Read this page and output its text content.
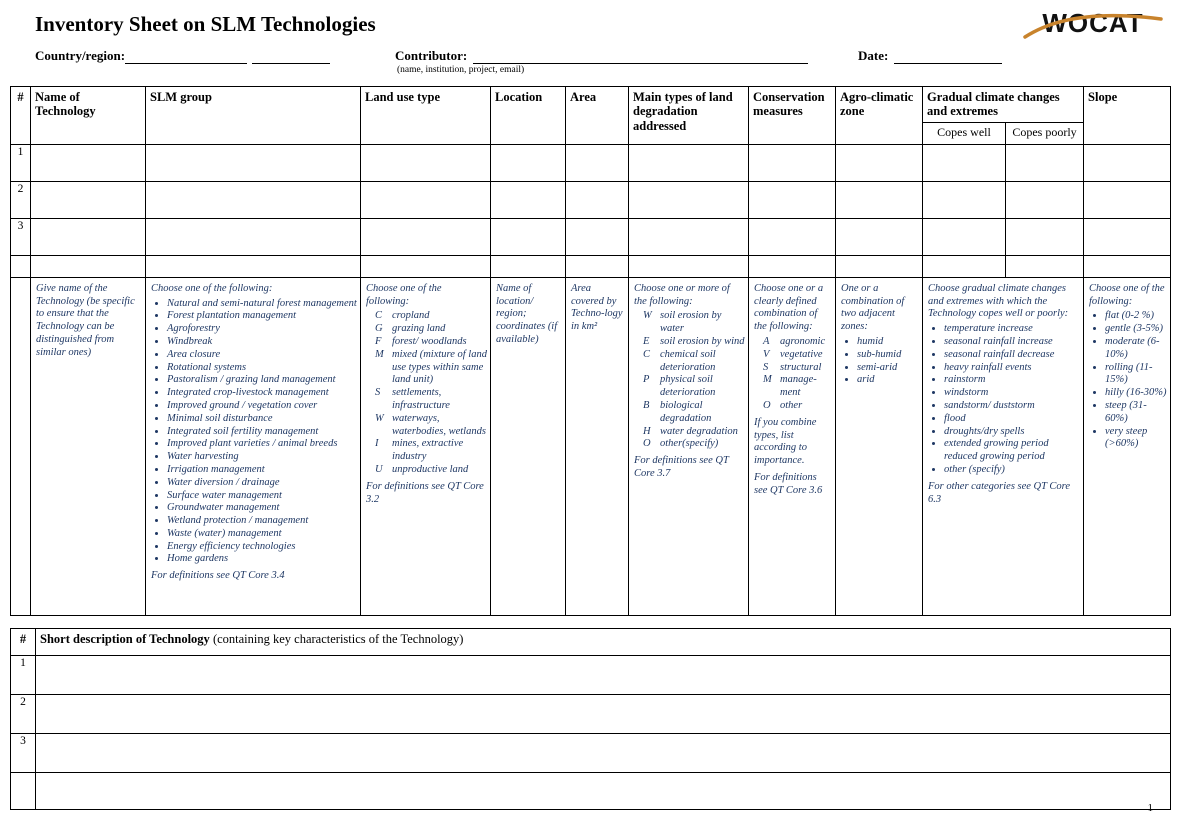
Inventory Sheet on SLM Technologies	WOCAT
Country/region:	Contributor:
(name, institution, project, email)
Date:
#	Name of Technology	SLM group	Land use type	Location	Area	Main types of land degradation addressed	Conservation measures	Agro-climatic zone	Gradual climate changes and extremes		Slope
									Copes well	Copes poorly	
1											
2											
3											

Give name of the Technology (be specific to ensure that the Technology can be distinguished from similar ones)

Choose one of the following:
• Natural and semi-natural forest management
• Forest plantation management
• Agroforestry
• Windbreak
• Area closure
• Rotational systems
• Pastoralism / grazing land management
• Integrated crop-livestock management
• Improved ground / vegetation cover
• Minimal soil disturbance
• Integrated soil fertility management
• Improved plant varieties / animal breeds
• Water harvesting
• Irrigation management
• Water diversion / drainage
• Surface water management
• Groundwater management
• Wetland protection / management
• Waste (water) management
• Energy efficiency technologies
• Home gardens
For definitions see QT Core 3.4

Choose one of the following:
C cropland
G grazing land
F	forest/ woodlands
M mixed (mixture of land use types within same land unit)
S	settlements, infrastructure
W waterways, waterbodies, wetlands
I	mines, extractive industry
U unproductive land
For definitions see QT Core 3.2

Name of location/ region; coordinates (if available)

Area covered by Techno-logy in km²

Choose one or more of the following:
W soil erosion by water
E	soil erosion by wind
C chemical soil deterioration
P	physical soil deterioration
B	biological degradation
H water degradation
O other(specify)
For definitions see QT Core 3.7

Choose one or a clearly defined combination of the following:
A	agronomic
V	vegetative
S	structural
M manage-ment
O other
If you combine types, list according to importance.
For definitions see QT Core 3.6

One or a combination of two adjacent zones:
• humid
• sub-humid
• semi-arid
• arid

Choose gradual climate changes and extremes with which the Technology copes well or poorly:
• temperature increase
• seasonal rainfall increase
• seasonal rainfall decrease
• heavy rainfall events
• rainstorm
• windstorm
• sandstorm/ duststorm
• flood
• droughts/dry spells
• extended growing period reduced growing period
• other (specify)
For other categories see QT Core 6.3

Choose one of the following:
• flat (0-2 %)
• gentle (3-5%)
• moderate (6-10%)
• rolling (11-15%)
• hilly (16-30%)
• steep (31-60%)
• very steep (>60%)
#	Short description of Technology (containing key characteristics of the Technology)
1	
2	
3	

1
